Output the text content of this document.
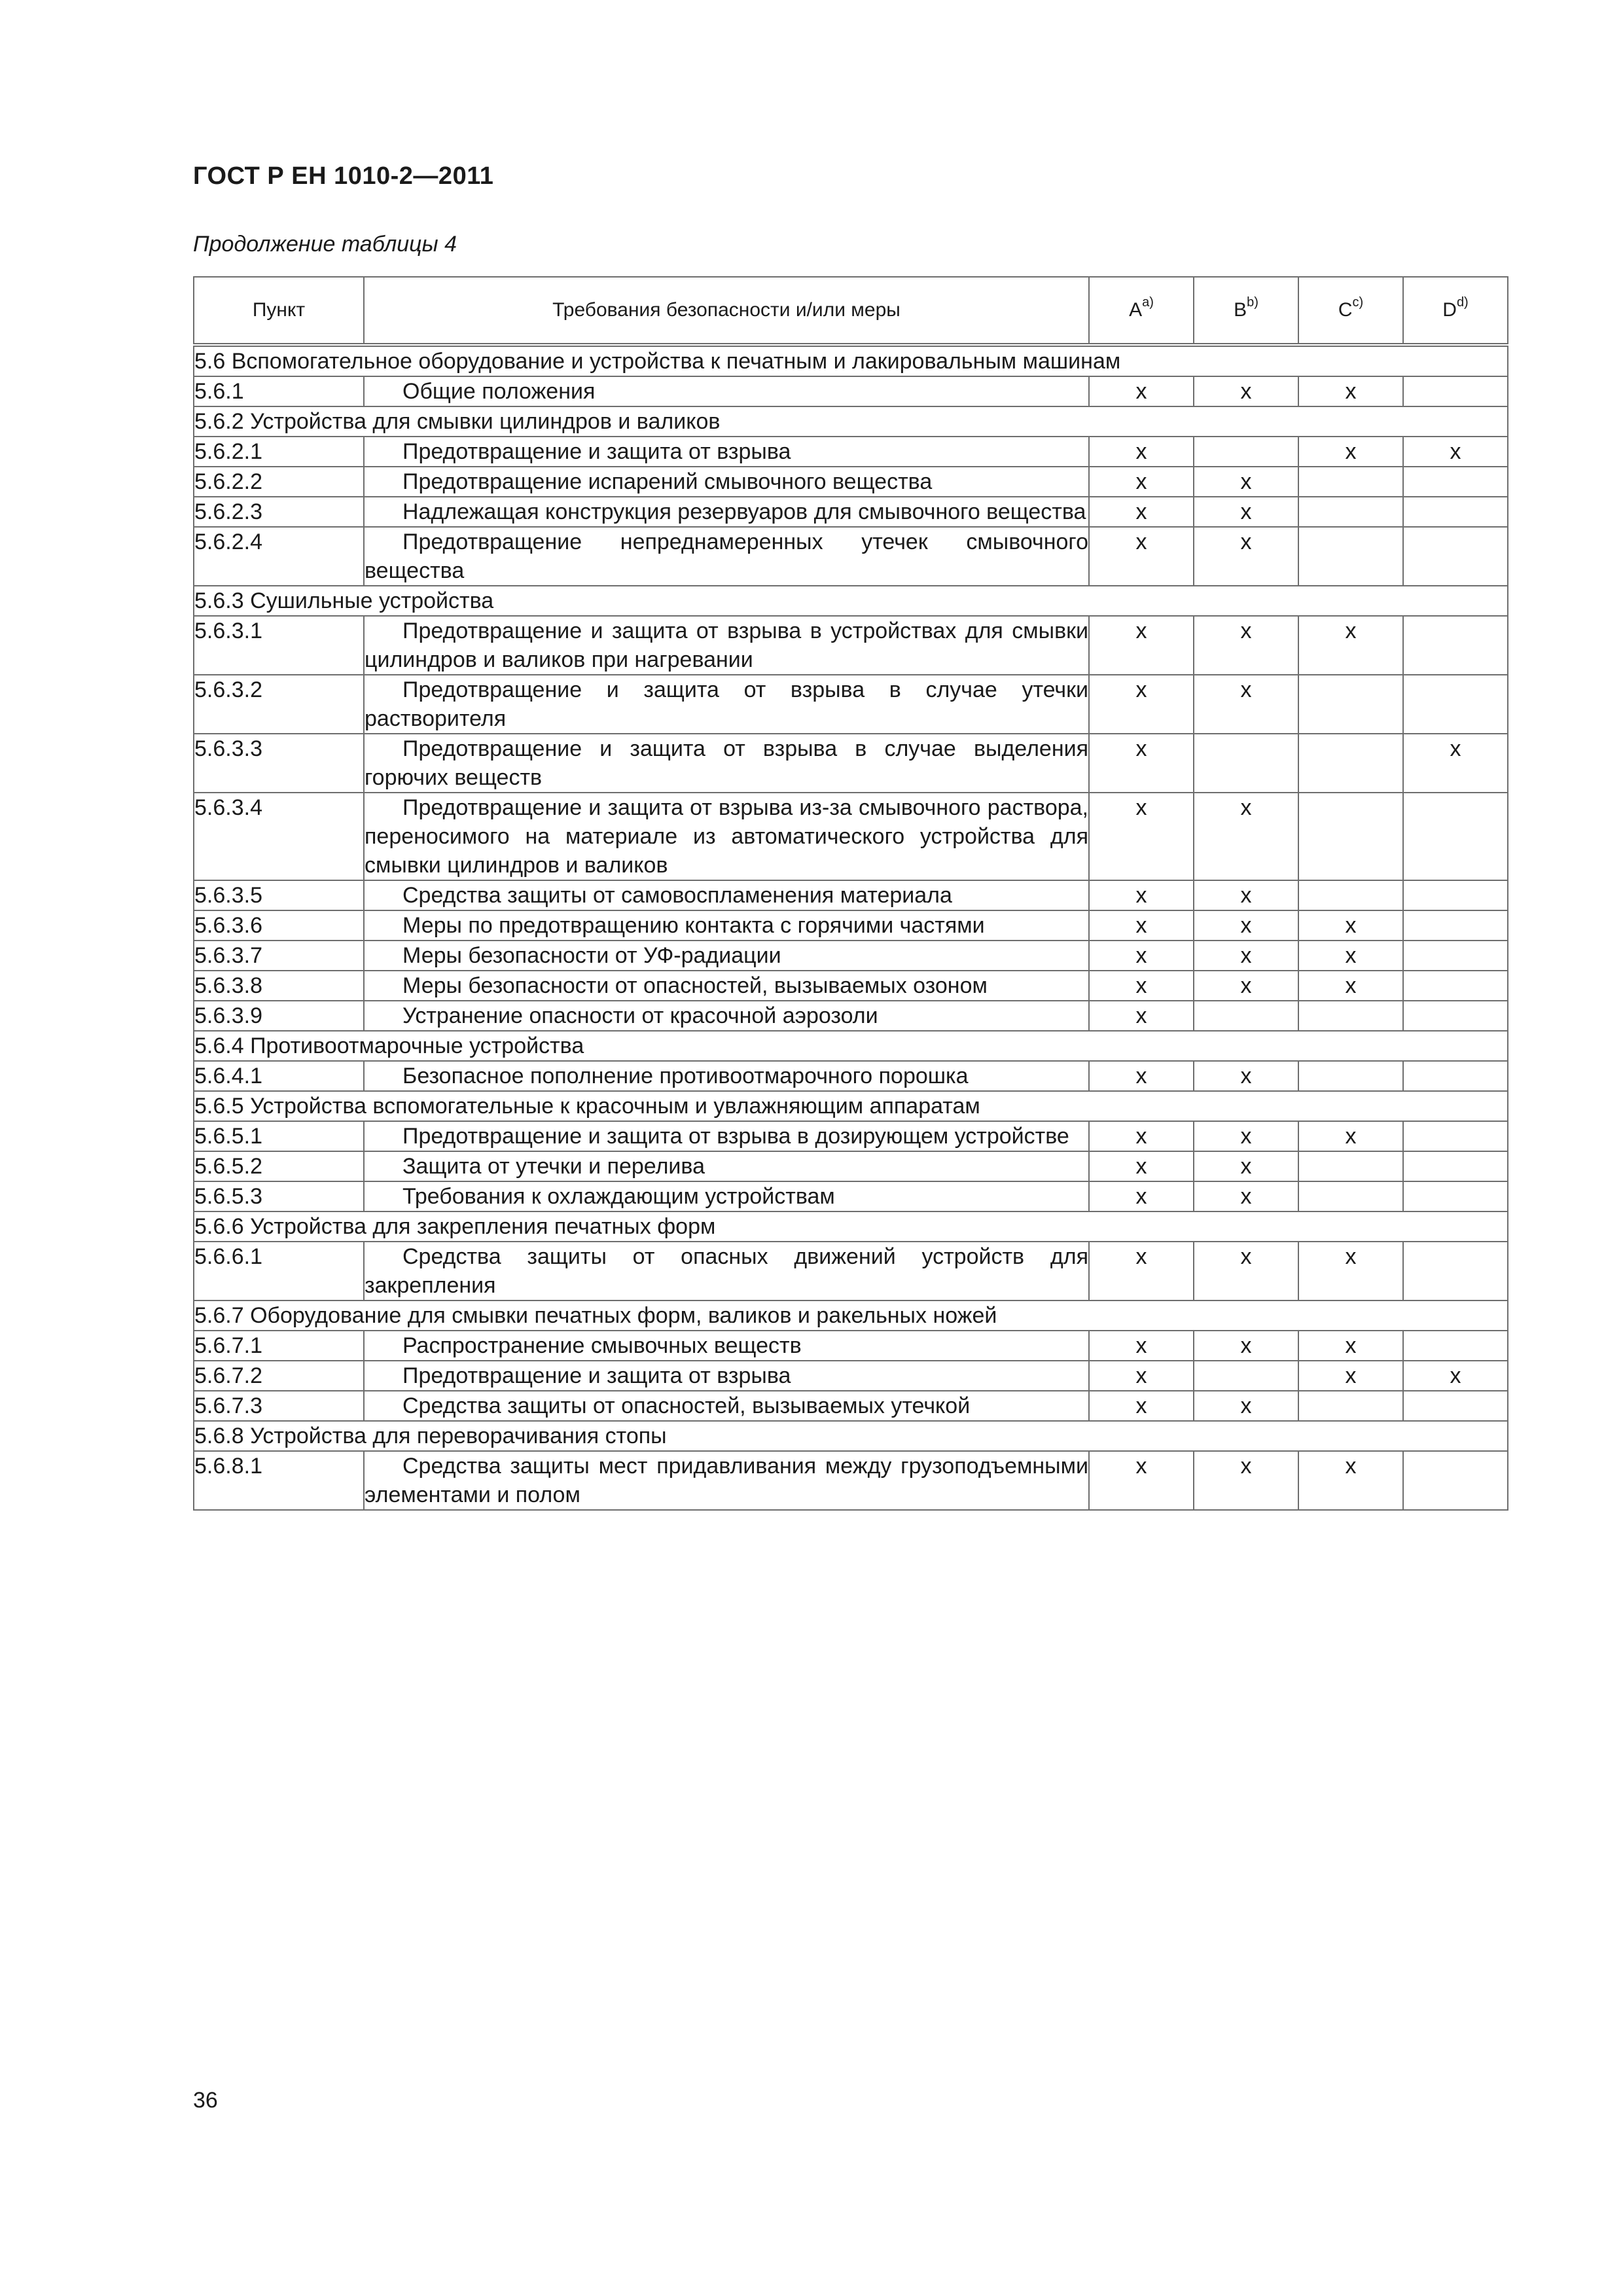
ГОСТ Р ЕН 1010-2—2011
Продолжение таблицы 4
Пункт	Требования безопасности и/или меры	$A^{a)}$	$B^{b)}$	$C^{c)}$	$D^{d)}$
5.6 Вспомогательное оборудование и устройства к печатным и лакировальным машинам					
5.6.1	Общие положения	x	x	x	
5.6.2 Устройства для смывки цилиндров и валиков					
5.6.2.1	Предотвращение и защита от взрыва	x		x	x
5.6.2.2	Предотвращение испарений смывочного вещества	x	x		
5.6.2.3	Надлежащая конструкция резервуаров для смывочного вещества	x	x		
5.6.2.4	Предотвращение непреднамеренных утечек смывочного вещества	x	x		
5.6.3 Сушильные устройства					
5.6.3.1	Предотвращение и защита от взрыва в устройствах для смывки цилиндров и валиков при нагревании	x	x	x	
5.6.3.2	Предотвращение и защита от взрыва в случае утечки растворителя	x	x		
5.6.3.3	Предотвращение и защита от взрыва в случае выделения горючих веществ	x			x
5.6.3.4	Предотвращение и защита от взрыва из-за смывочного раствора, переносимого на материале из автоматического устройства для смывки цилиндров и валиков	x	x		
5.6.3.5	Средства защиты от самовоспламенения материала	x	x		
5.6.3.6	Меры по предотвращению контакта с горячими частями	x	x	x	
5.6.3.7	Меры безопасности от УФ-радиации	x	x	x	
5.6.3.8	Меры безопасности от опасностей, вызываемых озоном	x	x	x	
5.6.3.9	Устранение опасности от красочной аэрозоли	x			
5.6.4 Противоотмарочные устройства					
5.6.4.1	Безопасное пополнение противоотмарочного порошка	x	x		
5.6.5 Устройства вспомогательные к красочным и увлажняющим аппаратам					
5.6.5.1	Предотвращение и защита от взрыва в дозирующем устройстве	x	x	x	
5.6.5.2	Защита от утечки и перелива	x	x		
5.6.5.3	Требования к охлаждающим устройствам	x	x		
5.6.6 Устройства для закрепления печатных форм					
5.6.6.1	Средства защиты от опасных движений устройств для закрепления	x	x	x	
5.6.7 Оборудование для смывки печатных форм, валиков и ракельных ножей					
5.6.7.1	Распространение смывочных веществ	x	x	x	
5.6.7.2	Предотвращение и защита от взрыва	x		x	x
5.6.7.3	Средства защиты от опасностей, вызываемых утечкой	x	x		
5.6.8 Устройства для переворачивания стопы					
5.6.8.1	Средства защиты мест придавливания между грузоподъемными элементами и полом	x	x	x	
36
